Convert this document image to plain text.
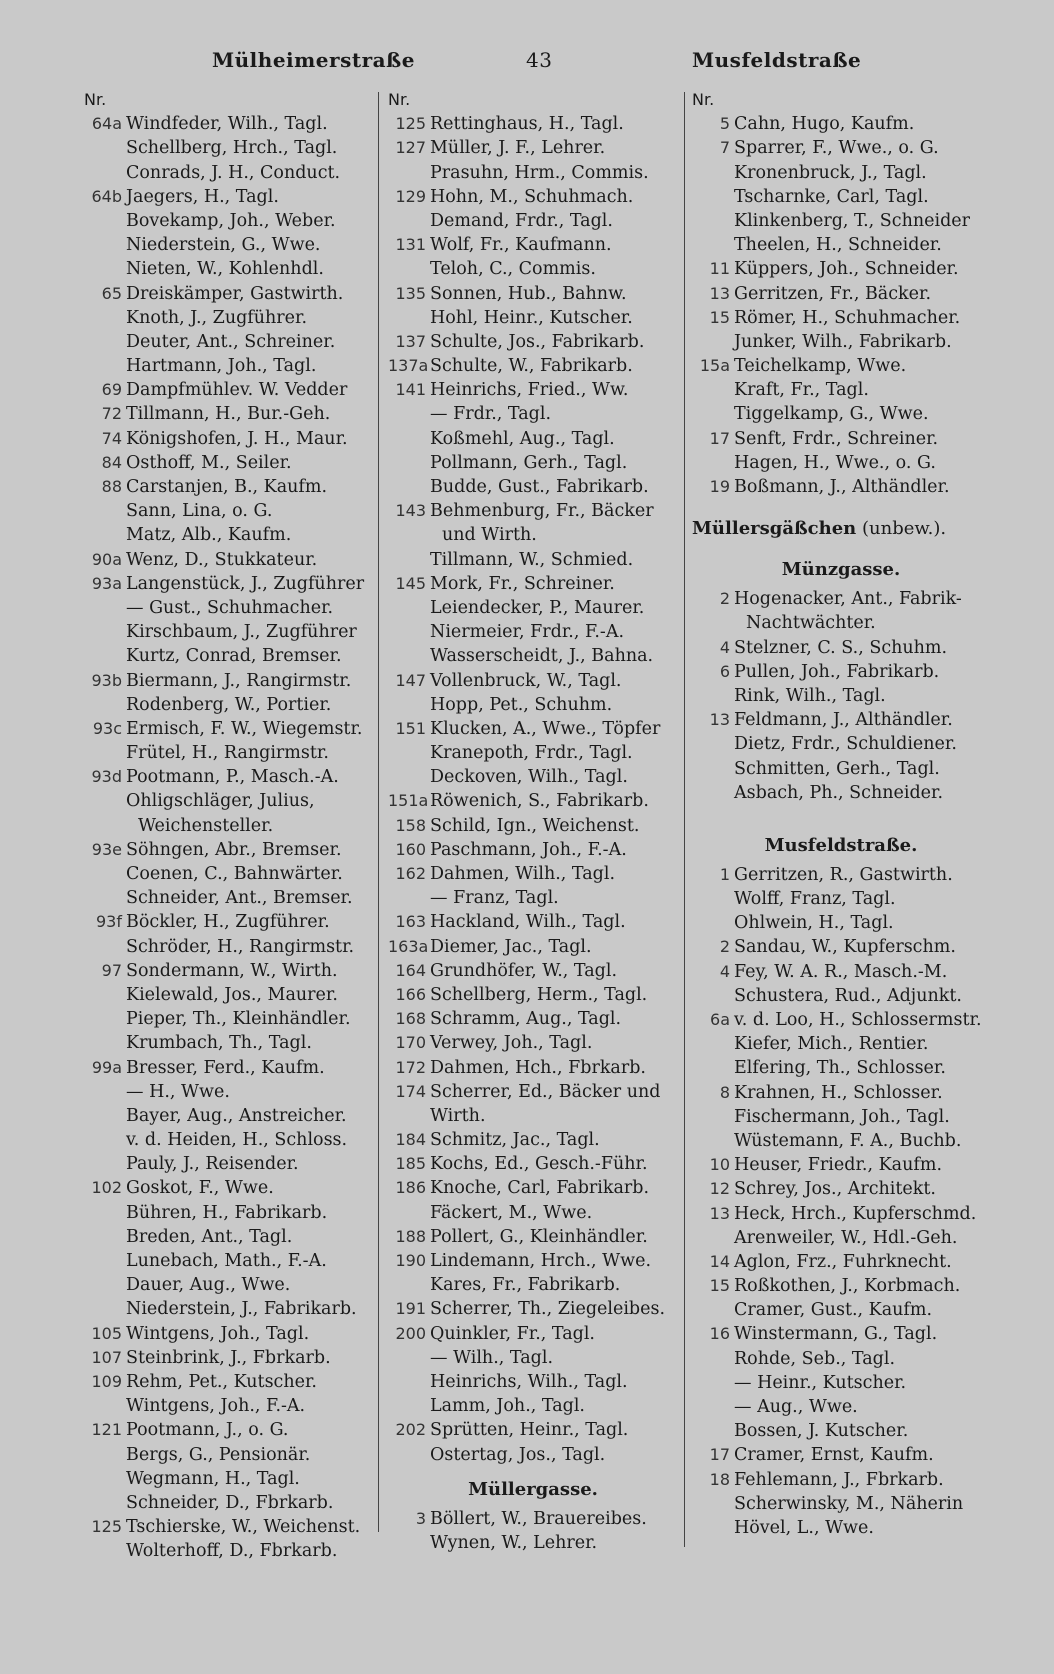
Mülheimerstraße	43	Musfeldstraße
Nr.
64a Windfeder, Wilh., Tagl.
Schellberg, Hrch., Tagl.
Conrads, J. H., Conduct.
64b Jaegers, H., Tagl.
Bovekamp, Joh., Weber.
Niederstein, G., Wwe.
Nieten, W., Kohlenhdl.
65 Dreiskämper, Gastwirth.
Knoth, J., Zugführer.
Deuter, Ant., Schreiner.
Hartmann, Joh., Tagl.
69 Dampfmühlev. W. Vedder
72 Tillmann, H., Bur.-Geh.
74 Königshofen, J. H., Maur.
84 Osthoff, M., Seiler.
88 Carstanjen, B., Kaufm.
Sann, Lina, o. G.
Matz, Alb., Kaufm.
90a Wenz, D., Stukkateur.
93a Langenstück, J., Zugführer
— Gust., Schuhmacher.
Kirschbaum, J., Zugführer
Kurtz, Conrad, Bremser.
93b Biermann, J., Rangirmstr.
Rodenberg, W., Portier.
93c Ermisch, F. W., Wiegemstr.
Frütel, H., Rangirmstr.
93d Pootmann, P., Masch.-A.
Ohligschläger, Julius,
Weichensteller.
93e Söhngen, Abr., Bremser.
Coenen, C., Bahnwärter.
Schneider, Ant., Bremser.
93f Böckler, H., Zugführer.
Schröder, H., Rangirmstr.
97 Sondermann, W., Wirth.
Kielewald, Jos., Maurer.
Pieper, Th., Kleinhändler.
Krumbach, Th., Tagl.
99a Bresser, Ferd., Kaufm.
— H., Wwe.
Bayer, Aug., Anstreicher.
v. d. Heiden, H., Schloss.
Pauly, J., Reisender.
102 Goskot, F., Wwe.
Bühren, H., Fabrikarb.
Breden, Ant., Tagl.
Lunebach, Math., F.-A.
Dauer, Aug., Wwe.
Niederstein, J., Fabrikarb.
105 Wintgens, Joh., Tagl.
107 Steinbrink, J., Fbrkarb.
109 Rehm, Pet., Kutscher.
Wintgens, Joh., F.-A.
121 Pootmann, J., o. G.
Bergs, G., Pensionär.
Wegmann, H., Tagl.
Schneider, D., Fbrkarb.
125 Tschierske, W., Weichenst.
Wolterhoff, D., Fbrkarb.
Nr.
125 Rettinghaus, H., Tagl.
127 Müller, J. F., Lehrer.
Prasuhn, Hrm., Commis.
129 Hohn, M., Schuhmach.
Demand, Frdr., Tagl.
131 Wolf, Fr., Kaufmann.
Teloh, C., Commis.
135 Sonnen, Hub., Bahnw.
Hohl, Heinr., Kutscher.
137 Schulte, Jos., Fabrikarb.
137aSchulte, W., Fabrikarb.
141 Heinrichs, Fried., Ww.
— Frdr., Tagl.
Koßmehl, Aug., Tagl.
Pollmann, Gerh., Tagl.
Budde, Gust., Fabrikarb.
143 Behmenburg, Fr., Bäcker
und Wirth.
Tillmann, W., Schmied.
145 Mork, Fr., Schreiner.
Leiendecker, P., Maurer.
Niermeier, Frdr., F.-A.
Wasserscheidt, J., Bahna.
147 Vollenbruck, W., Tagl.
Hopp, Pet., Schuhm.
151 Klucken, A., Wwe., Töpfer
Kranepoth, Frdr., Tagl.
Deckoven, Wilh., Tagl.
151aRöwenich, S., Fabrikarb.
158 Schild, Ign., Weichenst.
160 Paschmann, Joh., F.-A.
162 Dahmen, Wilh., Tagl.
— Franz, Tagl.
163 Hackland, Wilh., Tagl.
163aDiemer, Jac., Tagl.
164 Grundhöfer, W., Tagl.
166 Schellberg, Herm., Tagl.
168 Schramm, Aug., Tagl.
170 Verwey, Joh., Tagl.
172 Dahmen, Hch., Fbrkarb.
174 Scherrer, Ed., Bäcker und
Wirth.
184 Schmitz, Jac., Tagl.
185 Kochs, Ed., Gesch.-Führ.
186 Knoche, Carl, Fabrikarb.
Fäckert, M., Wwe.
188 Pollert, G., Kleinhändler.
190 Lindemann, Hrch., Wwe.
Kares, Fr., Fabrikarb.
191 Scherrer, Th., Ziegeleibes.
200 Quinkler, Fr., Tagl.
— Wilh., Tagl.
Heinrichs, Wilh., Tagl.
Lamm, Joh., Tagl.
202 Sprütten, Heinr., Tagl.
Ostertag, Jos., Tagl.
Müllergasse.
3 Böllert, W., Brauereibes.
Wynen, W., Lehrer.
Nr.
5 Cahn, Hugo, Kaufm.
7 Sparrer, F., Wwe., o. G.
Kronenbruck, J., Tagl.
Tscharnke, Carl, Tagl.
Klinkenberg, T., Schneider
Theelen, H., Schneider.
11 Küppers, Joh., Schneider.
13 Gerritzen, Fr., Bäcker.
15 Römer, H., Schuhmacher.
Junker, Wilh., Fabrikarb.
15a Teichelkamp, Wwe.
Kraft, Fr., Tagl.
Tiggelkamp, G., Wwe.
17 Senft, Frdr., Schreiner.
Hagen, H., Wwe., o. G.
19 Boßmann, J., Althändler.
Müllersgäßchen (unbew.).
Münzgasse.
2 Hogenacker, Ant., Fabrik-
Nachtwächter.
4 Stelzner, C. S., Schuhm.
6 Pullen, Joh., Fabrikarb.
Rink, Wilh., Tagl.
13 Feldmann, J., Althändler.
Dietz, Frdr., Schuldiener.
Schmitten, Gerh., Tagl.
Asbach, Ph., Schneider.
Musfeldstraße.
1 Gerritzen, R., Gastwirth.
Wolff, Franz, Tagl.
Ohlwein, H., Tagl.
2 Sandau, W., Kupferschm.
4 Fey, W. A. R., Masch.-M.
Schustera, Rud., Adjunkt.
6a v. d. Loo, H., Schlossermstr.
Kiefer, Mich., Rentier.
Elfering, Th., Schlosser.
8 Krahnen, H., Schlosser.
Fischermann, Joh., Tagl.
Wüstemann, F. A., Buchb.
10 Heuser, Friedr., Kaufm.
12 Schrey, Jos., Architekt.
13 Heck, Hrch., Kupferschmd.
Arenweiler, W., Hdl.-Geh.
14 Aglon, Frz., Fuhrknecht.
15 Roßkothen, J., Korbmach.
Cramer, Gust., Kaufm.
16 Winstermann, G., Tagl.
Rohde, Seb., Tagl.
— Heinr., Kutscher.
— Aug., Wwe.
Bossen, J. Kutscher.
17 Cramer, Ernst, Kaufm.
18 Fehlemann, J., Fbrkarb.
Scherwinsky, M., Näherin
Hövel, L., Wwe.
